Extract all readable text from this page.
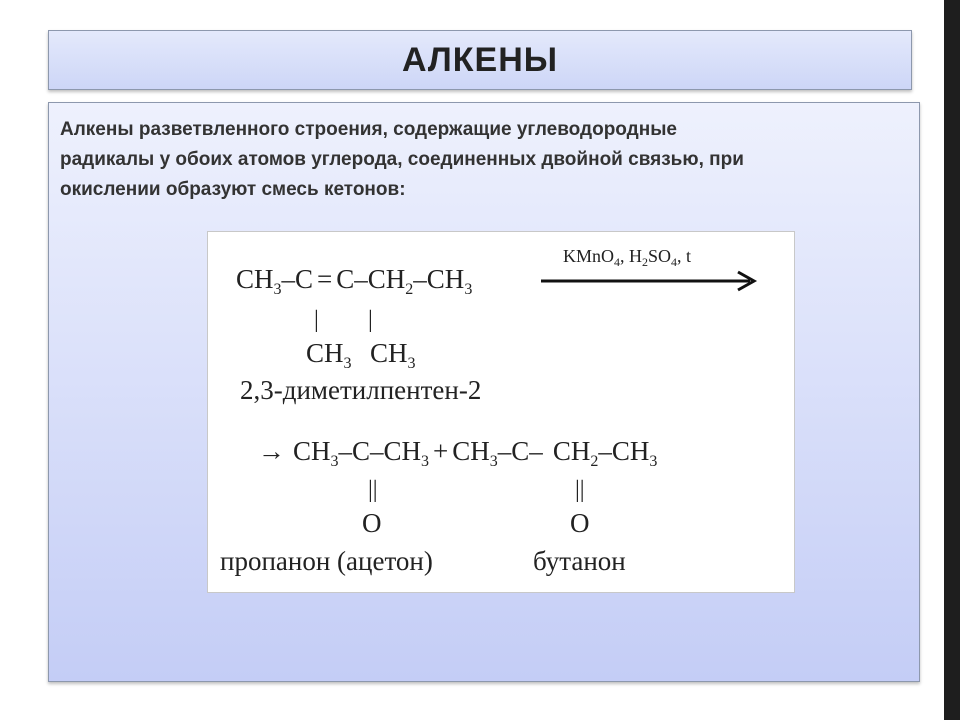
АЛКЕНЫ
Алкены разветвленного строения, содержащие углеводородные
радикалы у обоих атомов углерода, соединенных двойной связью, при
окислении образуют смесь кетонов:
$CH_3-C = C-CH_2-CH_3$
KMnO$_4$, $H_2SO_4$, t
| |
$CH_3$ $CH_3$
2,3-диметилпентен-2
→ $CH_3-C-CH_3 + CH_3-C-$ $CH_2-CH_3$
||	||
O	O
пропанон (ацетон)	бутанон
